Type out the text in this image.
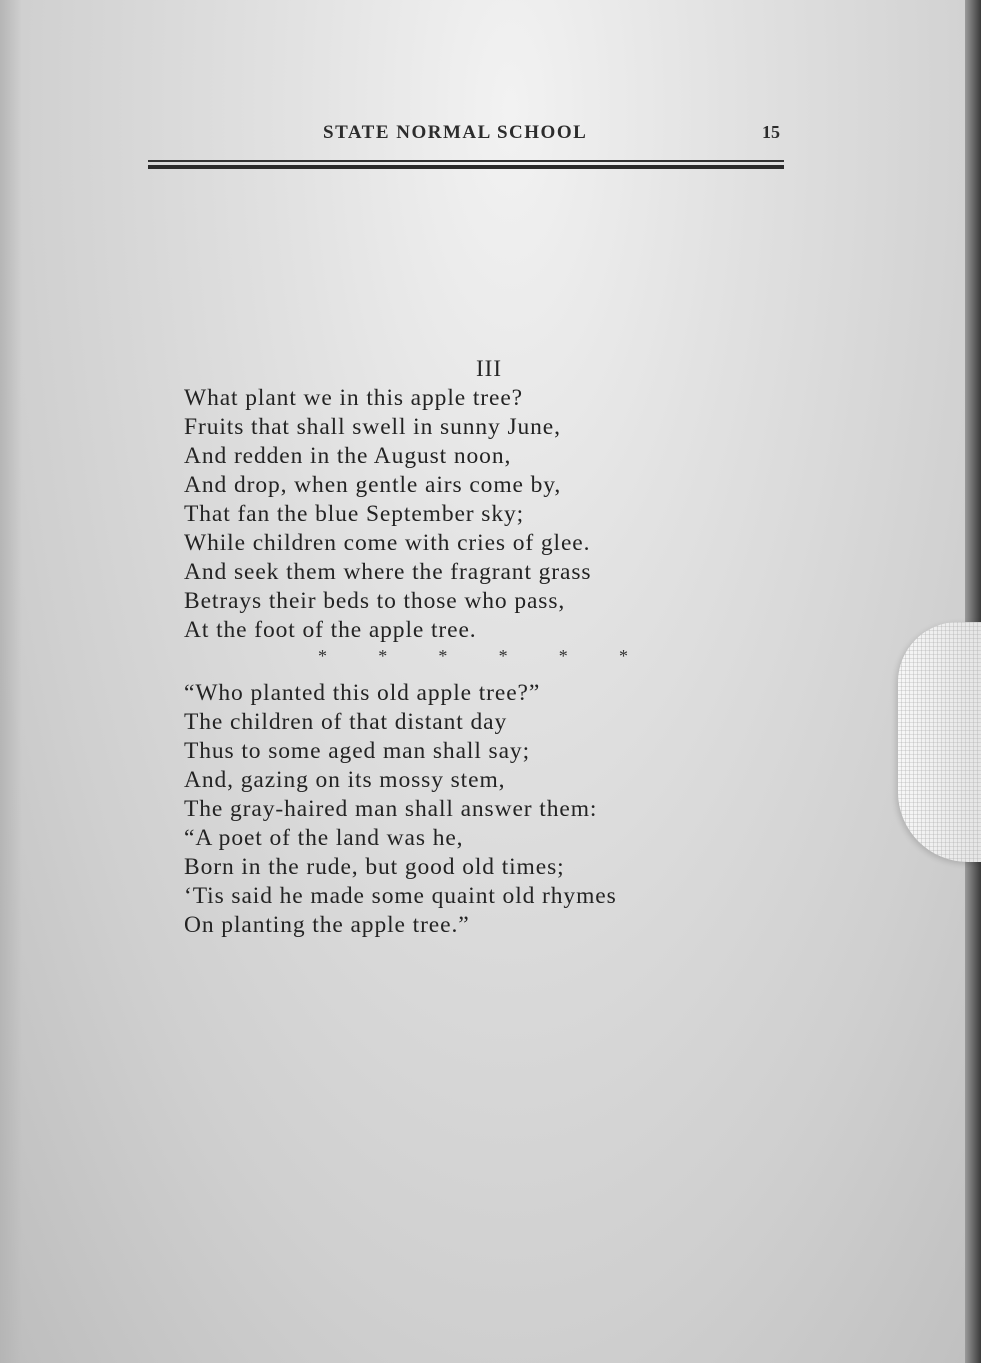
STATE NORMAL SCHOOL	15
III
What plant we in this apple tree?
Fruits that shall swell in sunny June,
And redden in the August noon,
And drop, when gentle airs come by,
That fan the blue September sky;
While children come with cries of glee.
And seek them where the fragrant grass
Betrays their beds to those who pass,
At the foot of the apple tree.
*	*	*	*	*	*
“Who planted this old apple tree?”
The children of that distant day
Thus to some aged man shall say;
And, gazing on its mossy stem,
The gray-haired man shall answer them:
“A poet of the land was he,
Born in the rude, but good old times;
‘Tis said he made some quaint old rhymes
On planting the apple tree.”
